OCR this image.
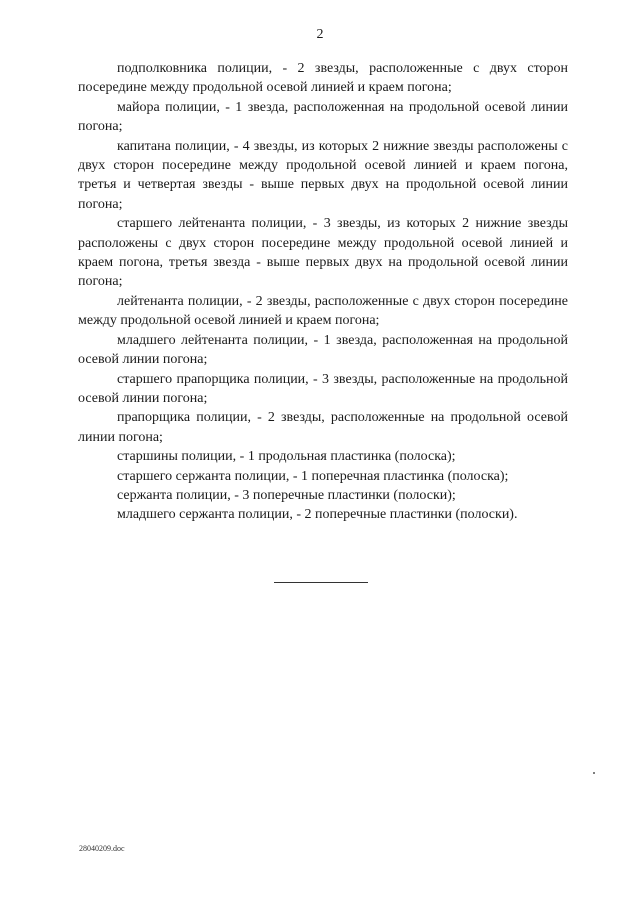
2

подполковника полиции, - 2 звезды, расположенные с двух сторон посередине между продольной осевой линией и краем погона;

майора полиции, - 1 звезда, расположенная на продольной осевой линии погона;

капитана полиции, - 4 звезды, из которых 2 нижние звезды расположены с двух сторон посередине между продольной осевой линией и краем погона, третья и четвертая звезды - выше первых двух на продольной осевой линии погона;

старшего лейтенанта полиции, - 3 звезды, из которых 2 нижние звезды расположены с двух сторон посередине между продольной осевой линией и краем погона, третья звезда - выше первых двух на продольной осевой линии погона;

лейтенанта полиции, - 2 звезды, расположенные с двух сторон посередине между продольной осевой линией и краем погона;

младшего лейтенанта полиции, - 1 звезда, расположенная на продольной осевой линии погона;

старшего прапорщика полиции, - 3 звезды, расположенные на продольной осевой линии погона;

прапорщика полиции, - 2 звезды, расположенные на продольной осевой линии погона;

старшины полиции, - 1 продольная пластинка (полоска);

старшего сержанта полиции, - 1 поперечная пластинка (полоска);

сержанта полиции, - 3 поперечные пластинки (полоски);

младшего сержанта полиции, - 2 поперечные пластинки (полоски).

28040209.doc
